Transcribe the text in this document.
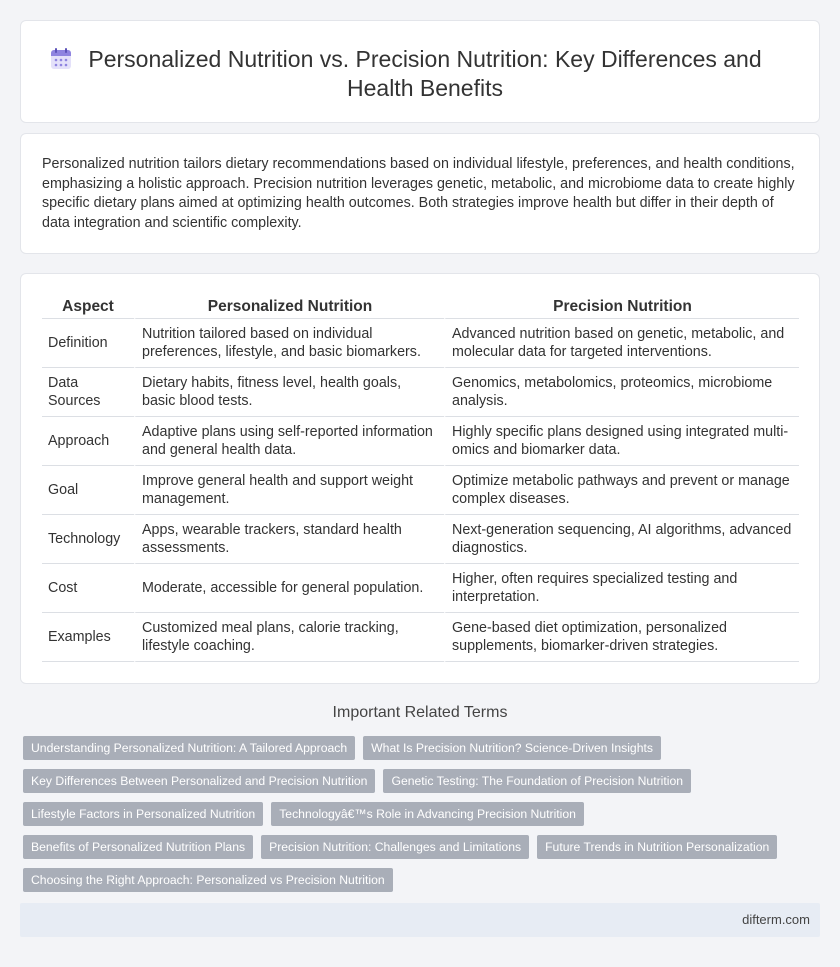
Personalized Nutrition vs. Precision Nutrition: Key Differences and Health Benefits

Personalized nutrition tailors dietary recommendations based on individual lifestyle, preferences, and health conditions, emphasizing a holistic approach. Precision nutrition leverages genetic, metabolic, and microbiome data to create highly specific dietary plans aimed at optimizing health outcomes. Both strategies improve health but differ in their depth of data integration and scientific complexity.

Aspect	Personalized Nutrition	Precision Nutrition
Definition	Nutrition tailored based on individual preferences, lifestyle, and basic biomarkers.	Advanced nutrition based on genetic, metabolic, and molecular data for targeted interventions.
Data Sources	Dietary habits, fitness level, health goals, basic blood tests.	Genomics, metabolomics, proteomics, microbiome analysis.
Approach	Adaptive plans using self-reported information and general health data.	Highly specific plans designed using integrated multi-omics and biomarker data.
Goal	Improve general health and support weight management.	Optimize metabolic pathways and prevent or manage complex diseases.
Technology	Apps, wearable trackers, standard health assessments.	Next-generation sequencing, AI algorithms, advanced diagnostics.
Cost	Moderate, accessible for general population.	Higher, often requires specialized testing and interpretation.
Examples	Customized meal plans, calorie tracking, lifestyle coaching.	Gene-based diet optimization, personalized supplements, biomarker-driven strategies.
Important Related Terms
Understanding Personalized Nutrition: A Tailored Approach	What Is Precision Nutrition? Science-Driven Insights
Key Differences Between Personalized and Precision Nutrition	Genetic Testing: The Foundation of Precision Nutrition
Lifestyle Factors in Personalized Nutrition	Technologyâ€™s Role in Advancing Precision Nutrition
Benefits of Personalized Nutrition Plans	Precision Nutrition: Challenges and Limitations	Future Trends in Nutrition Personalization
Choosing the Right Approach: Personalized vs Precision Nutrition
difterm.com
